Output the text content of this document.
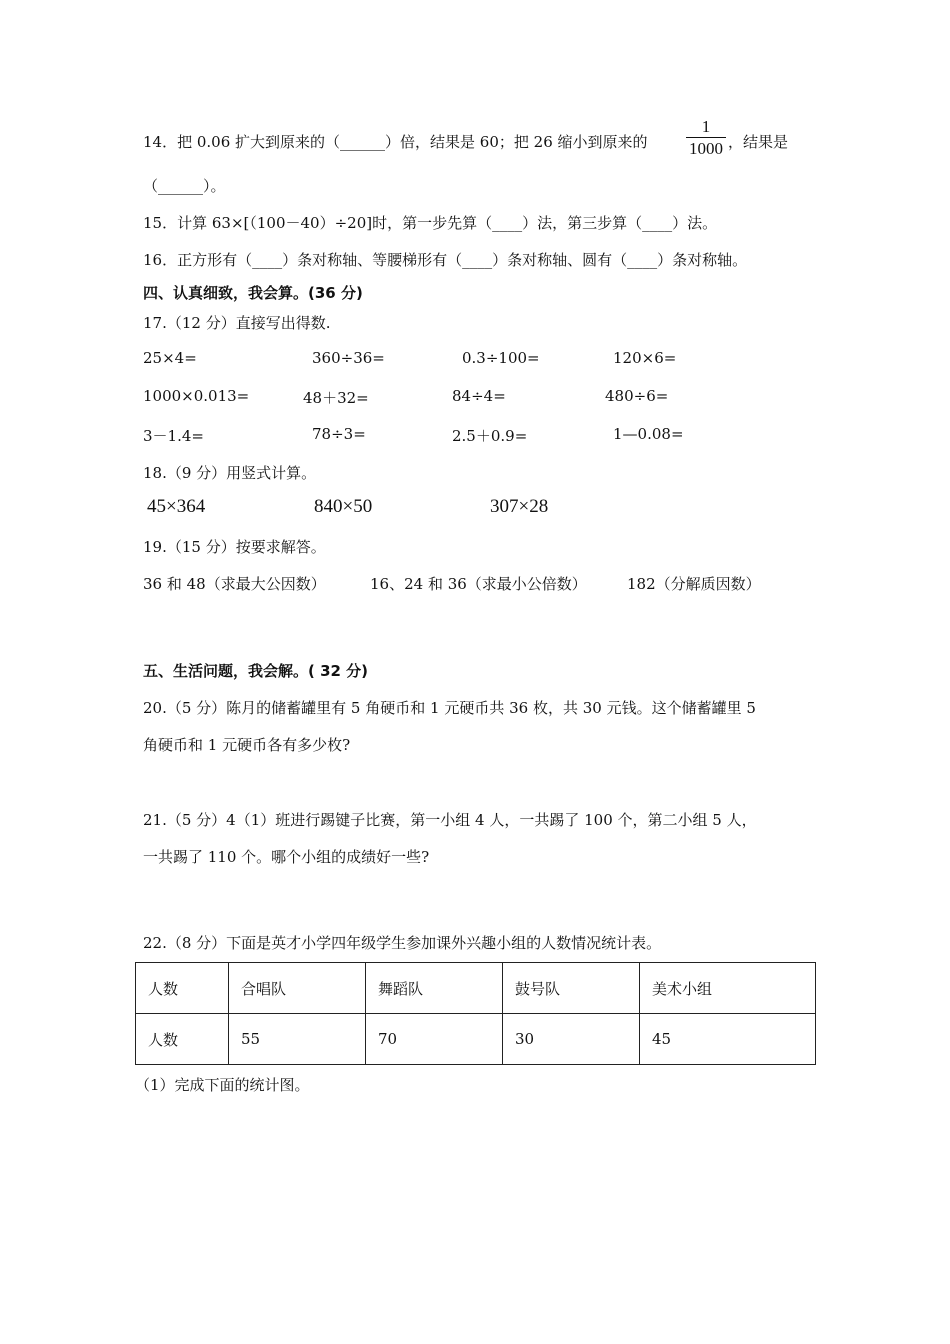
14．把 0.06 扩大到原来的（______）倍，结果是 60；把 26 缩小到原来的
1
1000 ，结果是
（______）。
15．计算 63×[（100－40）÷20]时，第一步先算（____）法，第三步算（____）法。
16．正方形有（____）条对称轴、等腰梯形有（____）条对称轴、圆有（____）条对称轴。
四、认真细致，我会算。(36 分)
17.（12 分）直接写出得数.
25×4=	360÷36=	0.3÷100=	120×6=
1000×0.013=	48＋32=	84÷4=	480÷6=
3－1.4=	78÷3=	2.5＋0.9=	1—0.08=
18.（9 分）用竖式计算。
45×364	840×50	307×28
19.（15 分）按要求解答。
36 和 48（求最大公因数）	16、24 和 36（求最小公倍数）	182（分解质因数）
五、生活问题，我会解。( 32 分)
20.（5 分）陈月的储蓄罐里有 5 角硬币和 1 元硬币共 36 枚，共 30 元钱。这个储蓄罐里 5
角硬币和 1 元硬币各有多少枚?
21.（5 分）4（1）班进行踢键子比赛，第一小组 4 人，一共踢了 100 个，第二小组 5 人，
一共踢了 110 个。哪个小组的成绩好一些?
22.（8 分）下面是英才小学四年级学生参加课外兴趣小组的人数情况统计表。
人数	合唱队	舞蹈队	鼓号队	美术小组
人数	55	70	30	45
（1）完成下面的统计图。
